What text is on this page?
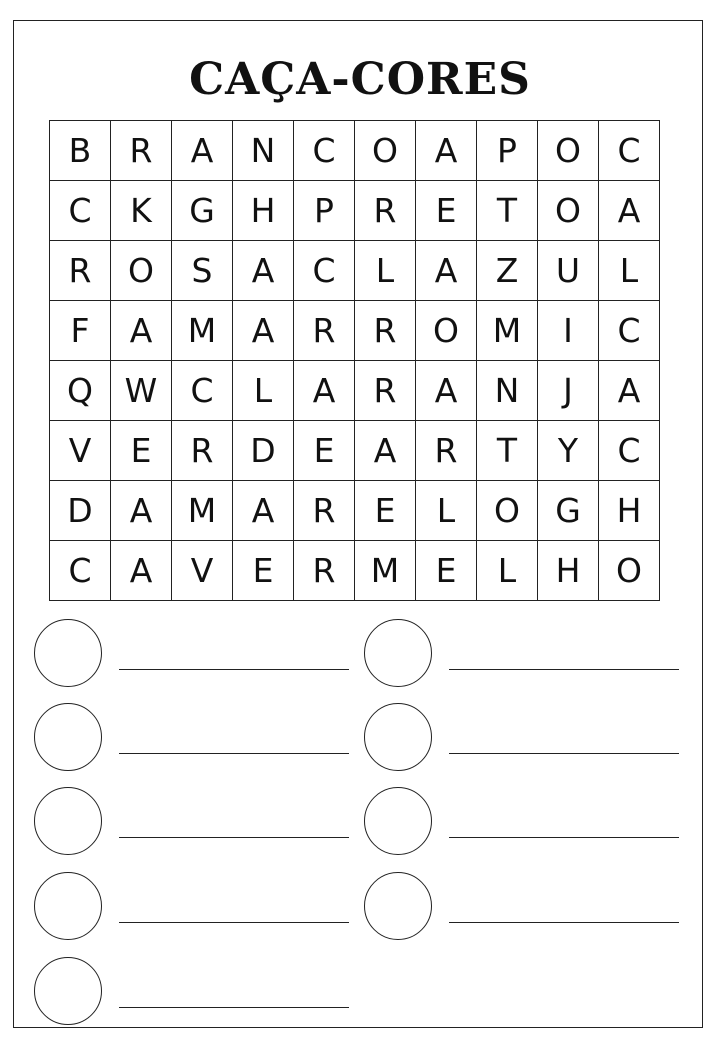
CAÇA-CORES
B	R	A	N	C	O	A	P	O	C
C	K	G	H	P	R	E	T	O	A
R	O	S	A	C	L	A	Z	U	L
F	A	M	A	R	R	O	M	I	C
Q	W	C	L	A	R	A	N	J	A
V	E	R	D	E	A	R	T	Y	C
D	A	M	A	R	E	L	O	G	H
C	A	V	E	R	M	E	L	H	O
